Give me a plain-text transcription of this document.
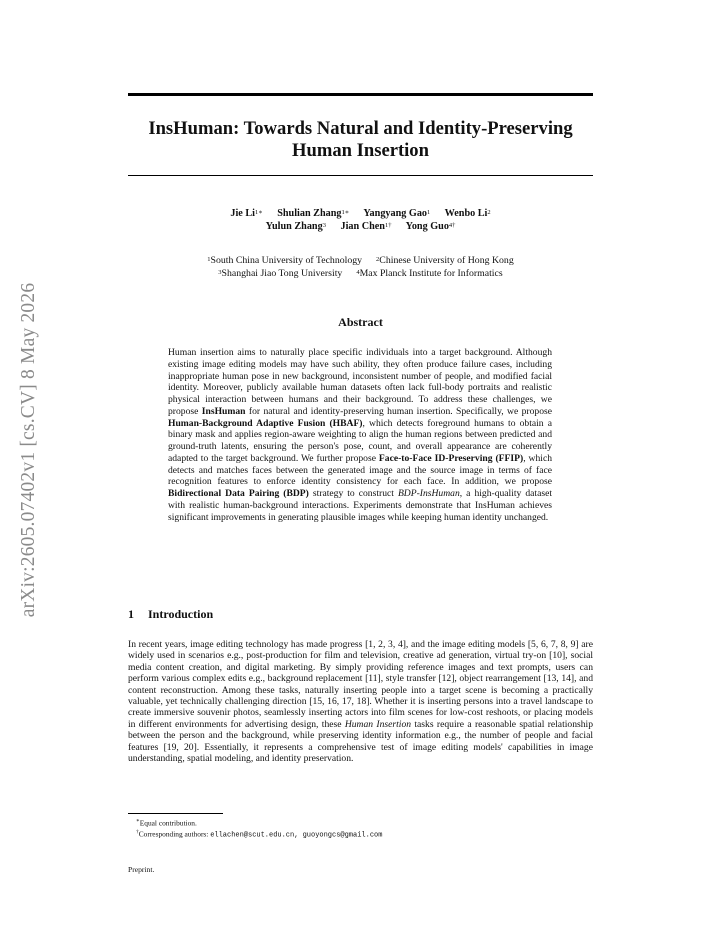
arXiv:2605.07402v1 [cs.CV] 8 May 2026
InsHuman: Towards Natural and Identity-Preserving
Human Insertion
Jie $Li^{1∗}$ Shulian Zhang$^{1∗}$ Yangyang Gao$^1$ Wenbo Li$^2$
Yulun Zhang$^3$ Jian Chen$^{1\dagger}$ Yong Guo$^{4\dagger}$
$^1$South China University of Technology $^2$Chinese University of Hong Kong
$^3$Shanghai Jiao Tong University $^4$Max Planck Institute for Informatics
Abstract
Human insertion aims to naturally place specific individuals into a target background. Although existing image editing models may have such ability, they often produce failure cases, including inappropriate human pose in new background, inconsistent number of people, and modified facial identity. Moreover, publicly available human datasets often lack full-body portraits and realistic physical interaction between humans and their background. To address these challenges, we propose InsHuman for natural and identity-preserving human insertion. Specifically, we propose Human-Background Adaptive Fusion (HBAF), which detects foreground humans to obtain a binary mask and applies region-aware weighting to align the human regions between predicted and ground-truth latents, ensuring the person's pose, count, and overall appearance are coherently adapted to the target background. We further propose Face-to-Face ID-Preserving (FFIP), which detects and matches faces between the generated image and the source image in terms of face recognition features to enforce identity consistency for each face. In addition, we propose Bidirectional Data Pairing (BDP) strategy to construct BDP-InsHuman, a high-quality dataset with realistic human-background interactions. Experiments demonstrate that InsHuman achieves significant improvements in generating plausible images while keeping human identity unchanged.
1 Introduction
In recent years, image editing technology has made progress [1, 2, 3, 4], and the image editing models [5, 6, 7, 8, 9] are widely used in scenarios e.g., post-production for film and television, creative ad generation, virtual try-on [10], social media content creation, and digital marketing. By simply providing reference images and text prompts, users can perform various complex edits e.g., background replacement [11], style transfer [12], object rearrangement [13, 14], and content reconstruction. Among these tasks, naturally inserting people into a target scene is becoming a practically valuable, yet technically challenging direction [15, 16, 17, 18]. Whether it is inserting persons into a travel landscape to create immersive souvenir photos, seamlessly inserting actors into film scenes for low-cost reshoots, or placing models in different environments for advertising design, these Human Insertion tasks require a reasonable spatial relationship between the person and the background, while preserving identity information e.g., the number of people and facial features [19, 20]. Essentially, it represents a comprehensive test of image editing models' capabilities in image understanding, spatial modeling, and identity preservation.
∗Equal contribution.
†Corresponding authors: ellachen@scut.edu.cn, guoyongcs@gmail.com
Preprint.
